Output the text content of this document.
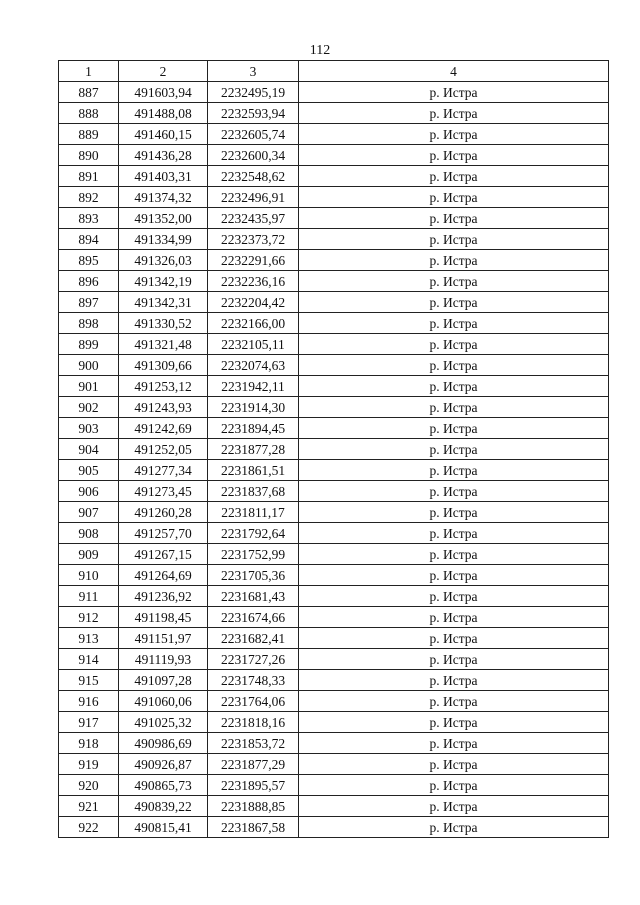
112
1	2	3	4
887	491603,94	2232495,19	р. Истра
888	491488,08	2232593,94	р. Истра
889	491460,15	2232605,74	р. Истра
890	491436,28	2232600,34	р. Истра
891	491403,31	2232548,62	р. Истра
892	491374,32	2232496,91	р. Истра
893	491352,00	2232435,97	р. Истра
894	491334,99	2232373,72	р. Истра
895	491326,03	2232291,66	р. Истра
896	491342,19	2232236,16	р. Истра
897	491342,31	2232204,42	р. Истра
898	491330,52	2232166,00	р. Истра
899	491321,48	2232105,11	р. Истра
900	491309,66	2232074,63	р. Истра
901	491253,12	2231942,11	р. Истра
902	491243,93	2231914,30	р. Истра
903	491242,69	2231894,45	р. Истра
904	491252,05	2231877,28	р. Истра
905	491277,34	2231861,51	р. Истра
906	491273,45	2231837,68	р. Истра
907	491260,28	2231811,17	р. Истра
908	491257,70	2231792,64	р. Истра
909	491267,15	2231752,99	р. Истра
910	491264,69	2231705,36	р. Истра
911	491236,92	2231681,43	р. Истра
912	491198,45	2231674,66	р. Истра
913	491151,97	2231682,41	р. Истра
914	491119,93	2231727,26	р. Истра
915	491097,28	2231748,33	р. Истра
916	491060,06	2231764,06	р. Истра
917	491025,32	2231818,16	р. Истра
918	490986,69	2231853,72	р. Истра
919	490926,87	2231877,29	р. Истра
920	490865,73	2231895,57	р. Истра
921	490839,22	2231888,85	р. Истра
922	490815,41	2231867,58	р. Истра
